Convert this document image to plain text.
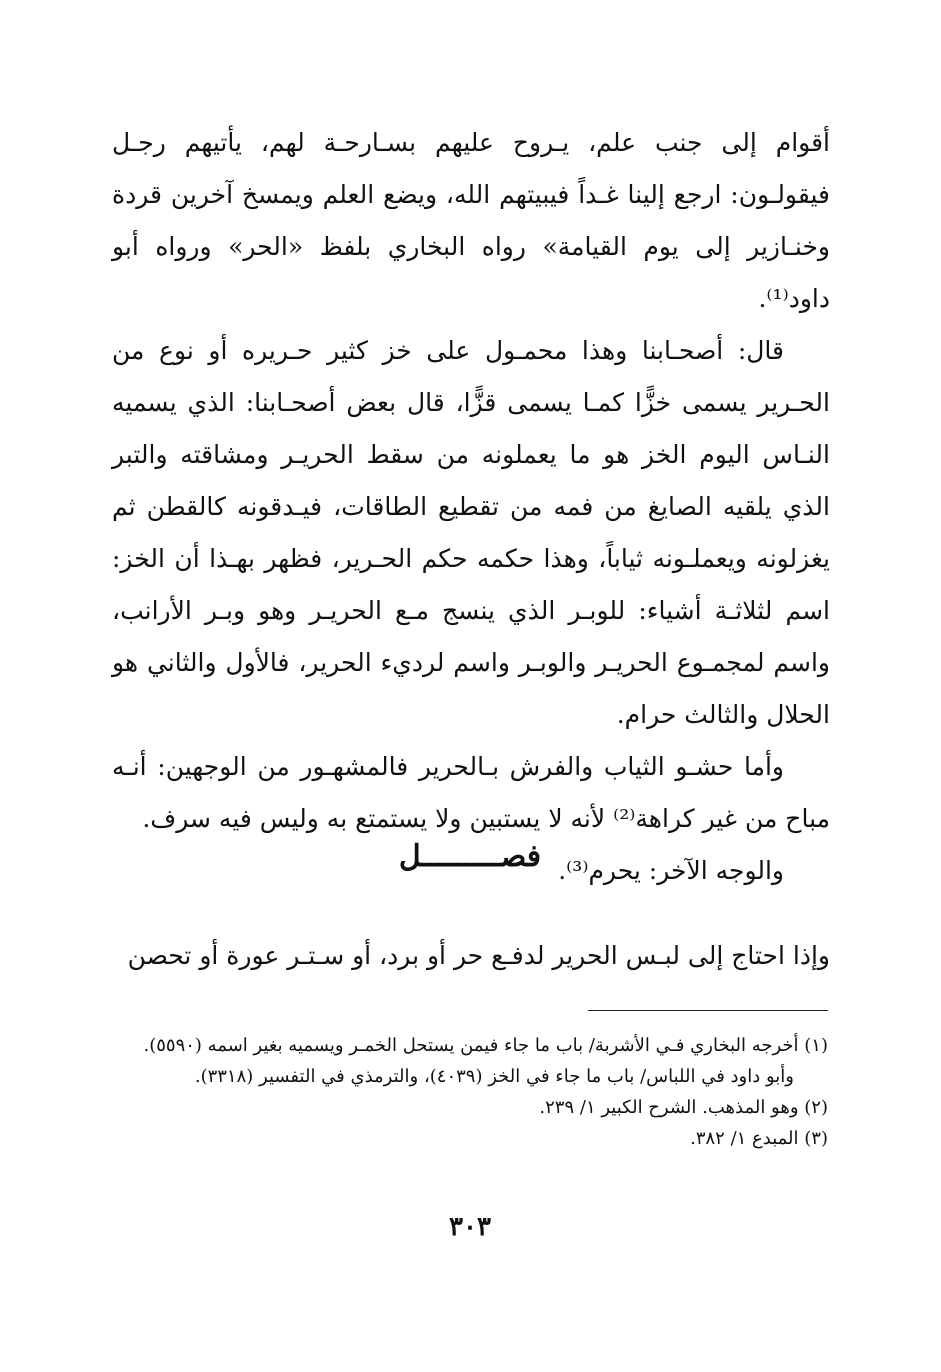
أقوام إلى جنب علم، يـروح عليهم بسـارحـة لهم، يأتيهم رجـل فيقولـون: ارجع إلينا غـداً فيبيتهم الله، ويضع العلم ويمسخ آخرين قردة وخنـازير إلى يوم القيامة» رواه البخاري بلفظ «الحر» ورواه أبو داود⁽¹⁾.

قال: أصحـابنا وهذا محمـول على خز كثير حـريره أو نوع من الحـرير يسمى خزًّا كمـا يسمى قزًّا، قال بعض أصحـابنا: الذي يسميه النـاس اليوم الخز هو ما يعملونه من سقط الحريـر ومشاقته والتبر الذي يلقيه الصايغ من فمه من تقطيع الطاقات، فيـدقونه كالقطن ثم يغزلونه ويعملـونه ثياباً، وهذا حكمه حكم الحـرير، فظهر بهـذا أن الخز: اسم لثلاثـة أشياء: للوبـر الذي ينسج مـع الحريـر وهو وبـر الأرانب، واسم لمجمـوع الحريـر والوبـر واسم لرديء الحرير، فالأول والثاني هو الحلال والثالث حرام.

وأما حشـو الثياب والفرش بـالحرير فالمشهـور من الوجهين: أنـه مباح من غير كراهة⁽²⁾ لأنه لا يستبين ولا يستمتع به وليس فيه سرف.

والوجه الآخر: يحرم⁽³⁾.

فصـــــــــل
وإذا احتاج إلى لبـس الحرير لدفـع حر أو برد، أو سـتـر عورة أو تحصن

(١) أخرجه البخاري فـي الأشربة/ باب ما جاء فيمن يستحل الخمـر ويسميه بغير اسمه (٥٥٩٠).

وأبو داود في اللباس/ باب ما جاء في الخز (٤٠٣٩)، والترمذي في التفسير (٣٣١٨).

(٢) وهو المذهب. الشرح الكبير ١/ ٢٣٩.

(٣) المبدع ١/ ٣٨٢.

٣٠٣
